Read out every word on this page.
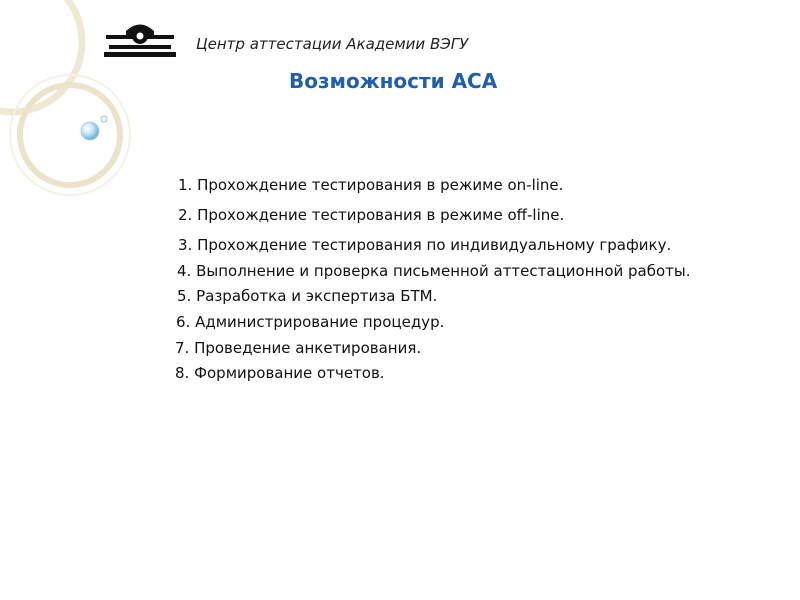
Центр аттестации Академии ВЭГУ
Возможности АСА
1. Прохождение тестирования в режиме on-line.
2. Прохождение тестирования в режиме off-line.
3. Прохождение тестирования по индивидуальному графику.
4. Выполнение и проверка письменной аттестационной работы.
5. Разработка и экспертиза БТМ.
6. Администрирование процедур.
7. Проведение анкетирования.
8. Формирование отчетов.
